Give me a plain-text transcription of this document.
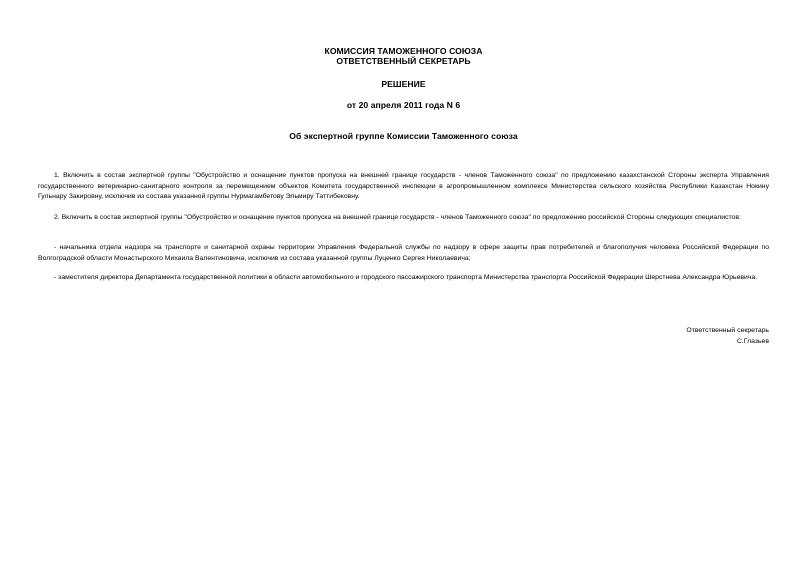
КОМИССИЯ ТАМОЖЕННОГО СОЮЗА
ОТВЕТСТВЕННЫЙ СЕКРЕТАРЬ
РЕШЕНИЕ
от 20 апреля 2011 года N 6
Об экспертной группе Комиссии Таможенного союза

1. Включить в состав экспертной группы "Обустройство и оснащение пунктов пропуска на внешней границе государств - членов Таможенного союза" по предложению казахстанской Стороны эксперта Управления государственного ветеринарно-санитарного контроля за перемещением объектов Комитета государственной инспекции в агропромышленном комплексе Министерства сельского хозяйства Республики Казахстан Нокину Гульнару Закировну, исключив из состава указанной группы Нурмагамбетову Эльмиру Таттибековну.

2. Включить в состав экспертной группы "Обустройство и оснащение пунктов пропуска на внешней границе государств - членов Таможенного союза" по предложению российской Стороны следующих специалистов:

- начальника отдела надзора на транспорте и санитарной охраны территории Управления Федеральной службы по надзору в сфере защиты прав потребителей и благополучия человека Российской Федерации по Волгоградской области Монастырского Михаила Валентиновича, исключив из состава указанной группы Луценко Сергея Николаевича;

- заместителя директора Департамента государственной политики в области автомобильного и городского пассажирского транспорта Министерства транспорта Российской Федерации Шерстнева Александра Юрьевича.

Ответственный секретарь
С.Глазьев
